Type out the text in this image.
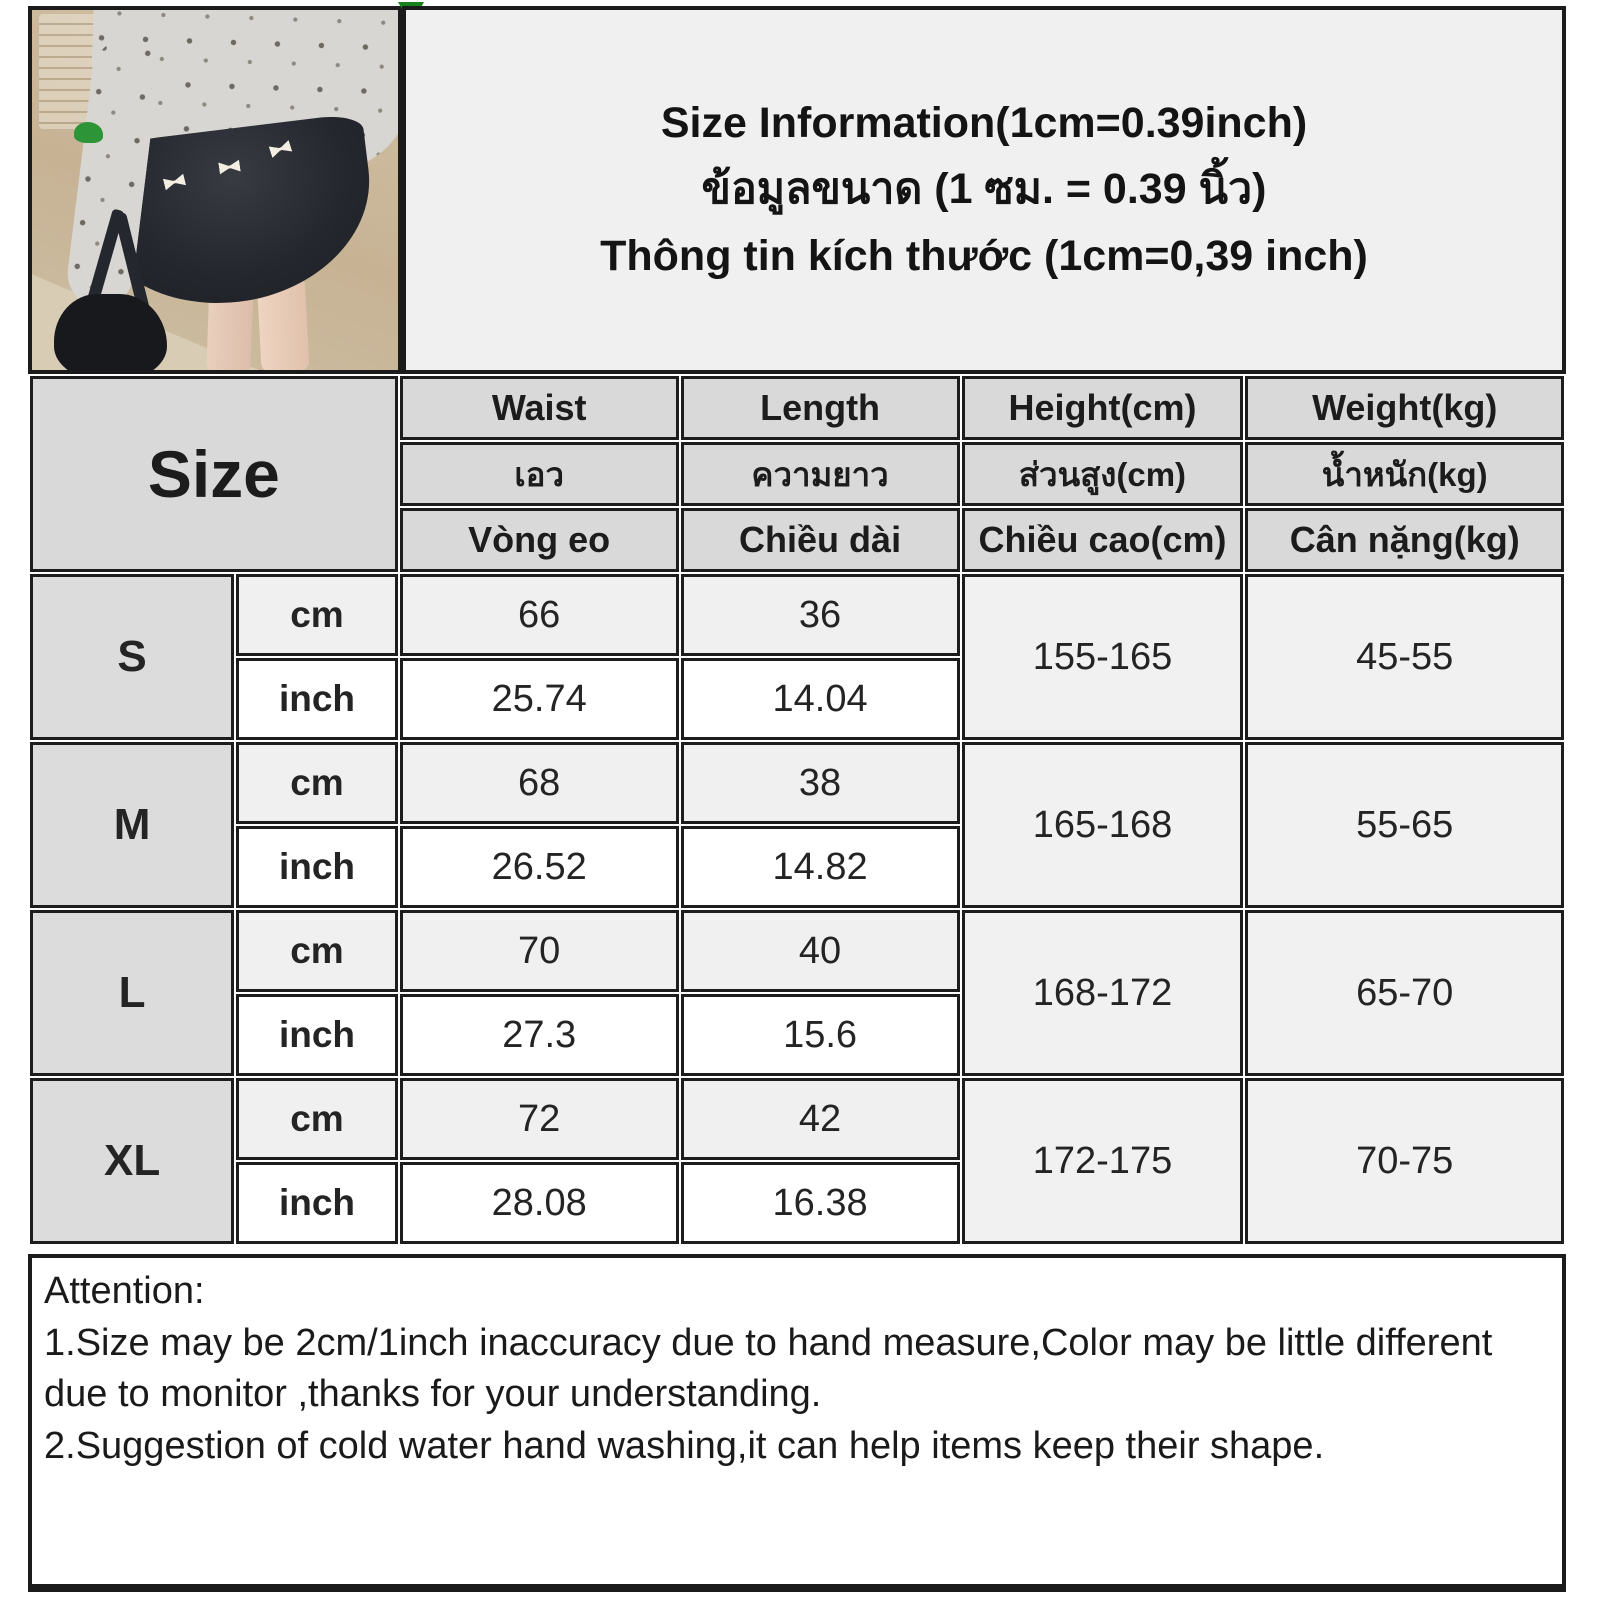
Size Information(1cm=0.39inch)
ข้อมูลขนาด (1 ซม. = 0.39 นิ้ว)
Thông tin kích thước (1cm=0,39 inch)
Size		Waist	Length	Height(cm)	Weight(kg)
		เอว	ความยาว	ส่วนสูง(cm)	น้ำหนัก(kg)
		Vòng eo	Chiều dài	Chiều cao(cm)	Cân nặng(kg)
S	cm	66	36	155-165	45-55
	inch	25.74	14.04		
M	cm	68	38	165-168	55-65
	inch	26.52	14.82		
L	cm	70	40	168-172	65-70
	inch	27.3	15.6		
XL	cm	72	42	172-175	70-75
	inch	28.08	16.38		

Attention:

1.Size may be 2cm/1inch inaccuracy due to hand measure,Color may be little different due to monitor ,thanks for your understanding.

2.Suggestion of cold water hand washing,it can help items keep their shape.
